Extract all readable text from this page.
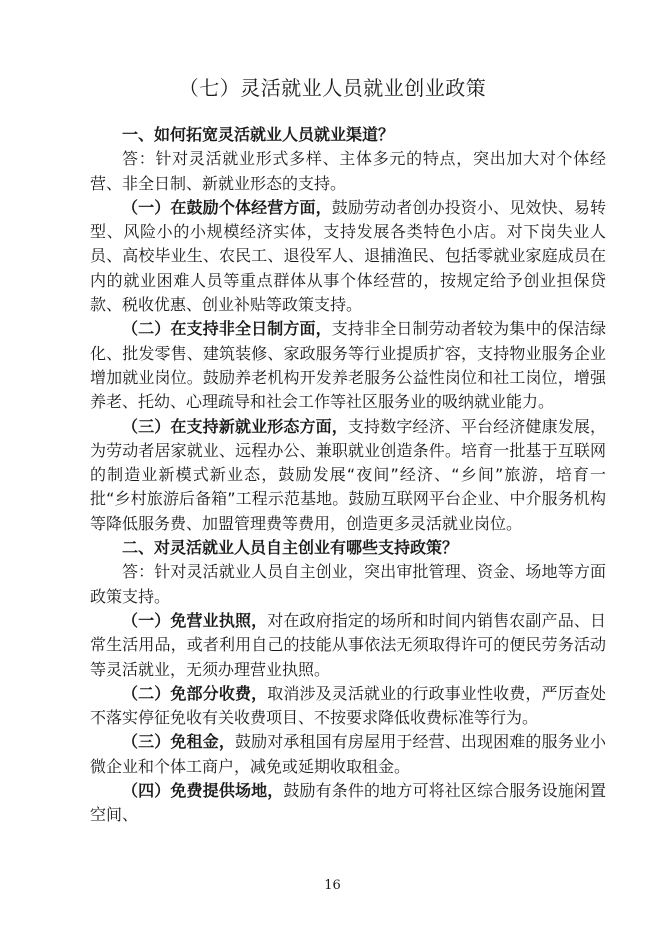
（七）灵活就业人员就业创业政策

一、如何拓宽灵活就业人员就业渠道？

答：针对灵活就业形式多样、主体多元的特点，突出加大对个体经营、非全日制、新就业形态的支持。

（一）在鼓励个体经营方面，鼓励劳动者创办投资小、见效快、易转型、风险小的小规模经济实体，支持发展各类特色小店。对下岗失业人员、高校毕业生、农民工、退役军人、退捕渔民、包括零就业家庭成员在内的就业困难人员等重点群体从事个体经营的，按规定给予创业担保贷款、税收优惠、创业补贴等政策支持。

（二）在支持非全日制方面，支持非全日制劳动者较为集中的保洁绿化、批发零售、建筑装修、家政服务等行业提质扩容，支持物业服务企业增加就业岗位。鼓励养老机构开发养老服务公益性岗位和社工岗位，增强养老、托幼、心理疏导和社会工作等社区服务业的吸纳就业能力。

（三）在支持新就业形态方面，支持数字经济、平台经济健康发展，为劳动者居家就业、远程办公、兼职就业创造条件。培育一批基于互联网的制造业新模式新业态，鼓励发展“夜间”经济、“乡间”旅游，培育一批“乡村旅游后备箱”工程示范基地。鼓励互联网平台企业、中介服务机构等降低服务费、加盟管理费等费用，创造更多灵活就业岗位。

二、对灵活就业人员自主创业有哪些支持政策？

答：针对灵活就业人员自主创业，突出审批管理、资金、场地等方面政策支持。

（一）免营业执照，对在政府指定的场所和时间内销售农副产品、日常生活用品，或者利用自己的技能从事依法无须取得许可的便民劳务活动等灵活就业，无须办理营业执照。

（二）免部分收费，取消涉及灵活就业的行政事业性收费，严厉查处不落实停征免收有关收费项目、不按要求降低收费标准等行为。

（三）免租金，鼓励对承租国有房屋用于经营、出现困难的服务业小微企业和个体工商户，减免或延期收取租金。

（四）免费提供场地，鼓励有条件的地方可将社区综合服务设施闲置空间、

16
